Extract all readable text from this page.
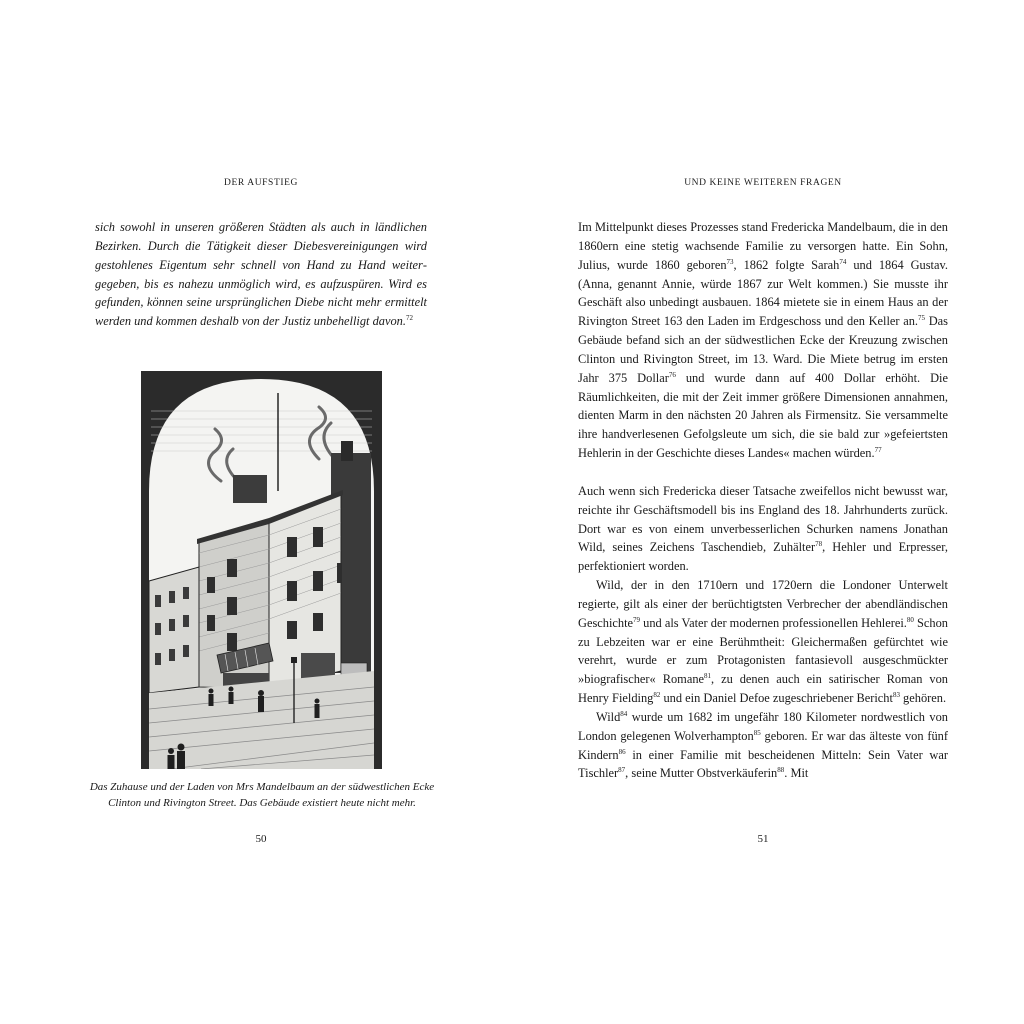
DER AUFSTIEG

sich sowohl in unseren größeren Städten als auch in ländlichen Bezirken. Durch die Tätigkeit dieser Diebesvereinigungen wird gestohlenes Eigentum sehr schnell von Hand zu Hand weitergegeben, bis es nahezu unmöglich wird, es aufzuspüren. Wird es gefunden, können seine ursprünglichen Diebe nicht mehr ermittelt werden und kommen deshalb von der Justiz unbehelligt davon.$^{72}$

Das Zuhause und der Laden von Mrs Mandelbaum an der südwestlichen Ecke Clinton und Rivington Street. Das Gebäude existiert heute nicht mehr.

50
UND KEINE WEITEREN FRAGEN

Im Mittelpunkt dieses Prozesses stand Fredericka Mandelbaum, die in den 1860ern eine stetig wachsende Familie zu versorgen hatte. Ein Sohn, Julius, wurde 1860 geboren$^{73}$, 1862 folgte Sarah$^{74}$ und 1864 Gustav. (Anna, genannt Annie, würde 1867 zur Welt kommen.) Sie musste ihr Geschäft also unbedingt ausbauen. 1864 mietete sie in einem Haus an der Rivington Street 163 den Laden im Erdgeschoss und den Keller an.$^{75}$ Das Gebäude befand sich an der südwestlichen Ecke der Kreuzung zwischen Clinton und Rivington Street, im 13. Ward. Die Miete betrug im ersten Jahr 375 Dollar$^{76}$ und wurde dann auf 400 Dollar erhöht. Die Räumlichkeiten, die mit der Zeit immer größere Dimensionen annahmen, dienten Marm in den nächsten 20 Jahren als Firmensitz. Sie versammelte ihre handverlesenen Gefolgsleute um sich, die sie bald zur »gefeiertsten Hehlerin in der Geschichte dieses Landes« machen würden.$^{77}$

Auch wenn sich Fredericka dieser Tatsache zweifellos nicht bewusst war, reichte ihr Geschäftsmodell bis ins England des 18. Jahrhunderts zurück. Dort war es von einem unverbesserlichen Schurken namens Jonathan Wild, seines Zeichens Taschendieb, Zuhälter$^{78}$, Hehler und Erpresser, perfektioniert worden.

Wild, der in den 1710ern und 1720ern die Londoner Unterwelt regierte, gilt als einer der berüchtigtsten Verbrecher der abendländischen Geschichte$^{79}$ und als Vater der modernen professionellen Hehlerei.$^{80}$ Schon zu Lebzeiten war er eine Berühmtheit: Gleichermaßen gefürchtet wie verehrt, wurde er zum Protagonisten fantasievoll ausgeschmückter »biografischer« Romane$^{81}$, zu denen auch ein satirischer Roman von Henry Fielding$^{82}$ und ein Daniel Defoe zugeschriebener Bericht$^{83}$ gehören.

Wild$^{84}$ wurde um 1682 im ungefähr 180 Kilometer nordwestlich von London gelegenen Wolverhampton$^{85}$ geboren. Er war das älteste von fünf Kindern$^{86}$ in einer Familie mit bescheidenen Mitteln: Sein Vater war Tischler$^{87}$, seine Mutter Obstverkäuferin$^{88}$. Mit

51
